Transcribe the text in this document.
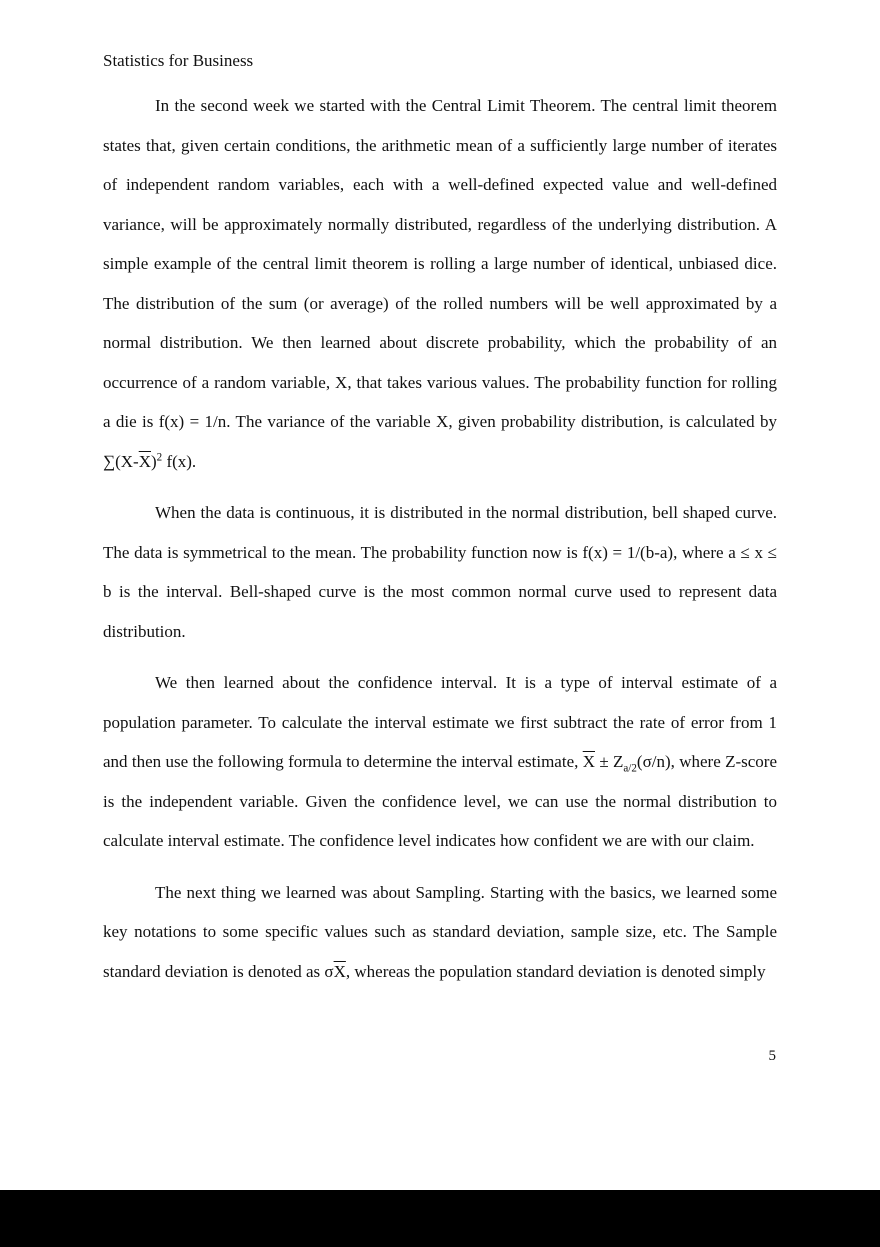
Statistics for Business

In the second week we started with the Central Limit Theorem. The central limit theorem states that, given certain conditions, the arithmetic mean of a sufficiently large number of iterates of independent random variables, each with a well-defined expected value and well-defined variance, will be approximately normally distributed, regardless of the underlying distribution. A simple example of the central limit theorem is rolling a large number of identical, unbiased dice. The distribution of the sum (or average) of the rolled numbers will be well approximated by a normal distribution. We then learned about discrete probability, which the probability of an occurrence of a random variable, X, that takes various values. The probability function for rolling a die is f(x) = 1/n. The variance of the variable X, given probability distribution, is calculated by $\sum(X-\overline{X})^2$ f(x).

When the data is continuous, it is distributed in the normal distribution, bell shaped curve. The data is symmetrical to the mean. The probability function now is f(x) = 1/(b-a), where a ≤ x ≤ b is the interval. Bell-shaped curve is the most common normal curve used to represent data distribution.

We then learned about the confidence interval. It is a type of interval estimate of a population parameter. To calculate the interval estimate we first subtract the rate of error from 1 and then use the following formula to determine the interval estimate, $\overline{X} \pm Z_{a/2}(\sigma/n)$, where Z-score is the independent variable. Given the confidence level, we can use the normal distribution to calculate interval estimate. The confidence level indicates how confident we are with our claim.

The next thing we learned was about Sampling. Starting with the basics, we learned some key notations to some specific values such as standard deviation, sample size, etc. The Sample standard deviation is denoted as $\sigma\overline{X}$, whereas the population standard deviation is denoted simply

5
